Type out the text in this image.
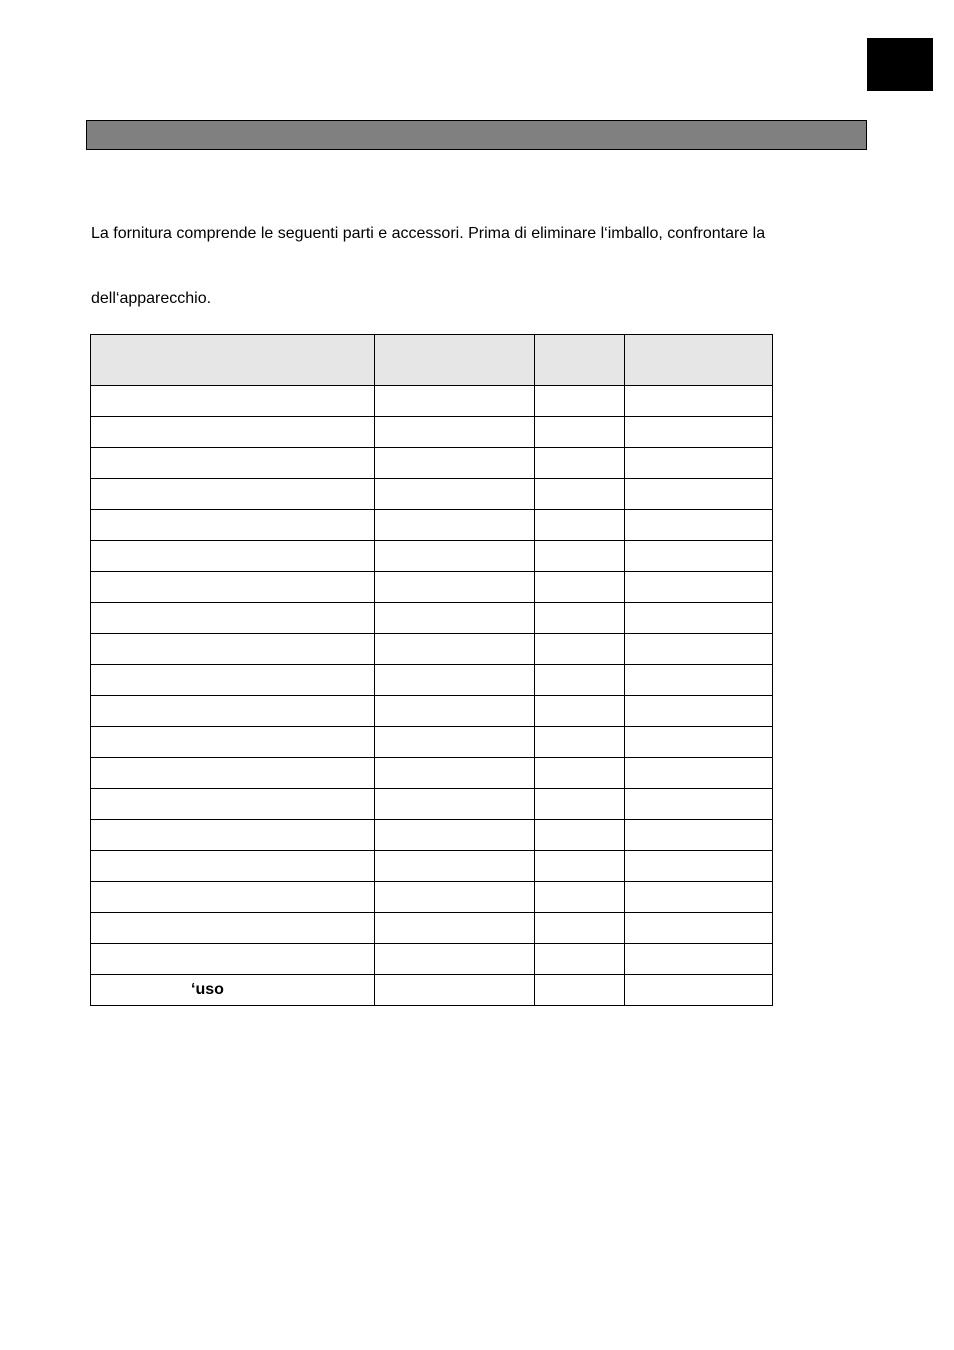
La fornitura comprende le seguenti parti e accessori. Prima di eliminare l‘imballo, confrontare la
dell‘apparecchio.

‘uso			
